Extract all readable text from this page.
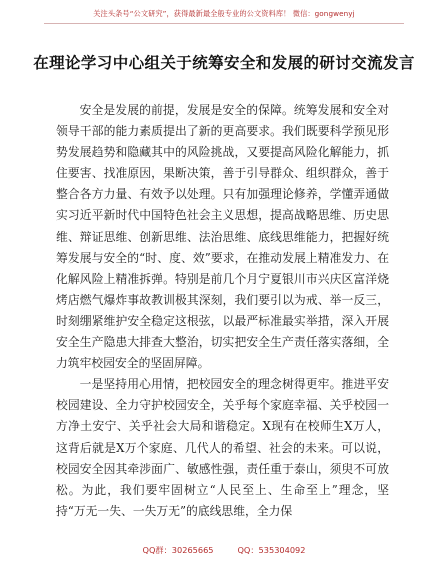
关注头条号“公文研究”，获得最新最全般专业的公文资料库！ 微信：gongwenyj
在理论学习中心组关于统筹安全和发展的研讨交流发言

安全是发展的前提，发展是安全的保障。统筹发展和安全对领导干部的能力素质提出了新的更高要求。我们既要科学预见形势发展趋势和隐藏其中的风险挑战，又要提高风险化解能力，抓住要害、找准原因，果断决策，善于引导群众、组织群众，善于整合各方力量、有效予以处理。只有加强理论修养，学懂弄通做实习近平新时代中国特色社会主义思想，提高战略思维、历史思维、辩证思维、创新思维、法治思维、底线思维能力，把握好统筹发展与安全的“时、度、效”要求，在推动发展上精准发力、在化解风险上精准拆弹。特别是前几个月宁夏银川市兴庆区富洋烧烤店燃气爆炸事故教训极其深刻，我们要引以为戒、举一反三，时刻绷紧维护安全稳定这根弦，以最严标准最实举措，深入开展安全生产隐患大排查大整治，切实把安全生产责任落实落细，全力筑牢校园安全的坚固屏障。

一是坚持用心用情，把校园安全的理念树得更牢。推进平安校园建设、全力守护校园安全，关乎每个家庭幸福、关乎校园一方净土安宁、关乎社会大局和谐稳定。X现有在校师生X万人，这背后就是X万个家庭、几代人的希望、社会的未来。可以说，校园安全因其牵涉面广、敏感性强，责任重于泰山，须臾不可放松。为此，我们要牢固树立“人民至上、生命至上”理念，坚持“万无一失、一失万无”的底线思维，全力保

QQ群：30265665	QQ：535304092
